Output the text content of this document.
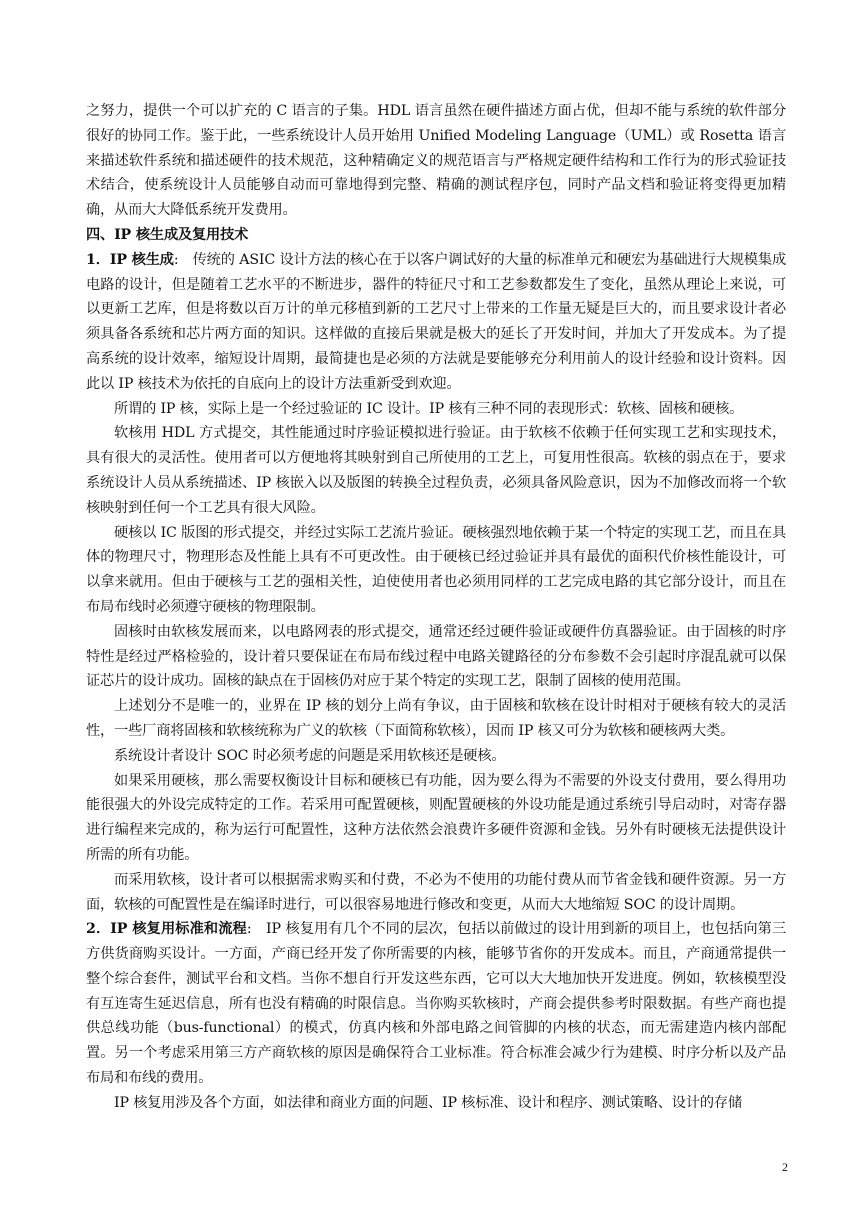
之努力，提供一个可以扩充的 C 语言的子集。HDL 语言虽然在硬件描述方面占优，但却不能与系统的软件部分很好的协同工作。鉴于此，一些系统设计人员开始用 Unified Modeling Language（UML）或 Rosetta 语言来描述软件系统和描述硬件的技术规范，这种精确定义的规范语言与严格规定硬件结构和工作行为的形式验证技术结合，使系统设计人员能够自动而可靠地得到完整、精确的测试程序包，同时产品文档和验证将变得更加精确，从而大大降低系统开发费用。

四、IP 核生成及复用技术

1．IP 核生成:　传统的 ASIC 设计方法的核心在于以客户调试好的大量的标准单元和硬宏为基础进行大规模集成电路的设计，但是随着工艺水平的不断进步，器件的特征尺寸和工艺参数都发生了变化，虽然从理论上来说，可以更新工艺库，但是将数以百万计的单元移植到新的工艺尺寸上带来的工作量无疑是巨大的，而且要求设计者必须具备各系统和芯片两方面的知识。这样做的直接后果就是极大的延长了开发时间，并加大了开发成本。为了提高系统的设计效率，缩短设计周期，最简捷也是必须的方法就是要能够充分利用前人的设计经验和设计资料。因此以 IP 核技术为依托的自底向上的设计方法重新受到欢迎。

所谓的 IP 核，实际上是一个经过验证的 IC 设计。IP 核有三种不同的表现形式：软核、固核和硬核。

软核用 HDL 方式提交，其性能通过时序验证模拟进行验证。由于软核不依赖于任何实现工艺和实现技术，具有很大的灵活性。使用者可以方便地将其映射到自己所使用的工艺上，可复用性很高。软核的弱点在于，要求系统设计人员从系统描述、IP 核嵌入以及版图的转换全过程负责，必须具备风险意识，因为不加修改而将一个软核映射到任何一个工艺具有很大风险。

硬核以 IC 版图的形式提交，并经过实际工艺流片验证。硬核强烈地依赖于某一个特定的实现工艺，而且在具体的物理尺寸，物理形态及性能上具有不可更改性。由于硬核已经过验证并具有最优的面积代价核性能设计，可以拿来就用。但由于硬核与工艺的强相关性，迫使使用者也必须用同样的工艺完成电路的其它部分设计，而且在布局布线时必须遵守硬核的物理限制。

固核时由软核发展而来，以电路网表的形式提交，通常还经过硬件验证或硬件仿真器验证。由于固核的时序特性是经过严格检验的，设计着只要保证在布局布线过程中电路关键路径的分布参数不会引起时序混乱就可以保证芯片的设计成功。固核的缺点在于固核仍对应于某个特定的实现工艺，限制了固核的使用范围。

上述划分不是唯一的，业界在 IP 核的划分上尚有争议，由于固核和软核在设计时相对于硬核有较大的灵活性，一些厂商将固核和软核统称为广义的软核（下面简称软核），因而 IP 核又可分为软核和硬核两大类。

系统设计者设计 SOC 时必须考虑的问题是采用软核还是硬核。

如果采用硬核，那么需要权衡设计目标和硬核已有功能，因为要么得为不需要的外设支付费用，要么得用功能很强大的外设完成特定的工作。若采用可配置硬核，则配置硬核的外设功能是通过系统引导启动时，对寄存器进行编程来完成的，称为运行可配置性，这种方法依然会浪费许多硬件资源和金钱。另外有时硬核无法提供设计所需的所有功能。

而采用软核，设计者可以根据需求购买和付费，不必为不使用的功能付费从而节省金钱和硬件资源。另一方面，软核的可配置性是在编译时进行，可以很容易地进行修改和变更，从而大大地缩短 SOC 的设计周期。

2．IP 核复用标准和流程:　IP 核复用有几个不同的层次，包括以前做过的设计用到新的项目上，也包括向第三方供货商购买设计。一方面，产商已经开发了你所需要的内核，能够节省你的开发成本。而且，产商通常提供一整个综合套件，测试平台和文档。当你不想自行开发这些东西，它可以大大地加快开发进度。例如，软核模型没有互连寄生延迟信息，所有也没有精确的时限信息。当你购买软核时，产商会提供参考时限数据。有些产商也提供总线功能（bus-functional）的模式，仿真内核和外部电路之间管脚的内核的状态，而无需建造内核内部配置。另一个考虑采用第三方产商软核的原因是确保符合工业标准。符合标准会减少行为建模、时序分析以及产品布局和布线的费用。

IP 核复用涉及各个方面，如法律和商业方面的问题、IP 核标准、设计和程序、测试策略、设计的存储

2
